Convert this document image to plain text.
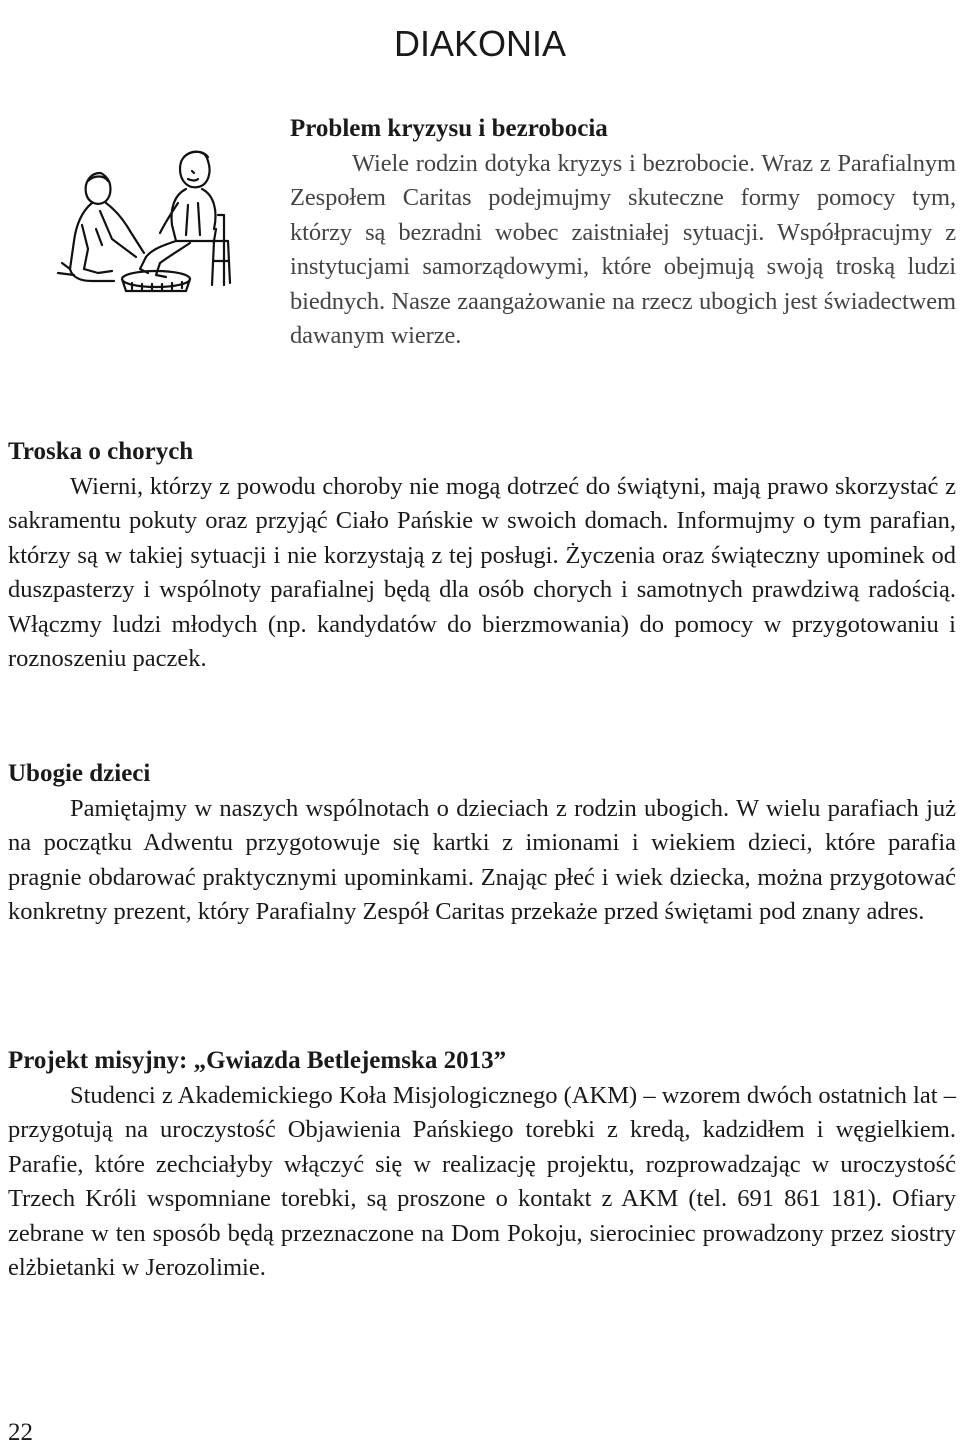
DIAKONIA

Problem kryzysu i bezrobocia

Wiele rodzin dotyka kryzys i bezrobocie. Wraz z Parafialnym Zespołem Caritas podejmujmy skuteczne formy pomocy tym, którzy są bezradni wobec zaistniałej sytuacji. Współpracujmy z instytucjami samorządowymi, które obejmują swoją troską ludzi biednych. Nasze zaangażowanie na rzecz ubogich jest świadectwem dawanym wierze.

Troska o chorych

Wierni, którzy z powodu choroby nie mogą dotrzeć do świątyni, mają prawo skorzystać z sakramentu pokuty oraz przyjąć Ciało Pańskie w swoich domach. Informujmy o tym parafian, którzy są w takiej sytuacji i nie korzystają z tej posługi. Życzenia oraz świąteczny upominek od duszpasterzy i wspólnoty parafialnej będą dla osób chorych i samotnych prawdziwą radością. Włączmy ludzi młodych (np. kandydatów do bierzmowania) do pomocy w przygotowaniu i roznoszeniu paczek.

Ubogie dzieci

Pamiętajmy w naszych wspólnotach o dzieciach z rodzin ubogich. W wielu parafiach już na początku Adwentu przygotowuje się kartki z imionami i wiekiem dzieci, które parafia pragnie obdarować praktycznymi upominkami. Znając płeć i wiek dziecka, można przygotować konkretny prezent, który Parafialny Zespół Caritas przekaże przed świętami pod znany adres.

Projekt misyjny: „Gwiazda Betlejemska 2013”

Studenci z Akademickiego Koła Misjologicznego (AKM) – wzorem dwóch ostatnich lat – przygotują na uroczystość Objawienia Pańskiego torebki z kredą, kadzidłem i węgielkiem. Parafie, które zechciałyby włączyć się w realizację projektu, rozprowadzając w uroczystość Trzech Króli wspomniane torebki, są proszone o kontakt z AKM (tel. 691 861 181). Ofiary zebrane w ten sposób będą przeznaczone na Dom Pokoju, sierociniec prowadzony przez siostry elżbietanki w Jerozolimie.

22
